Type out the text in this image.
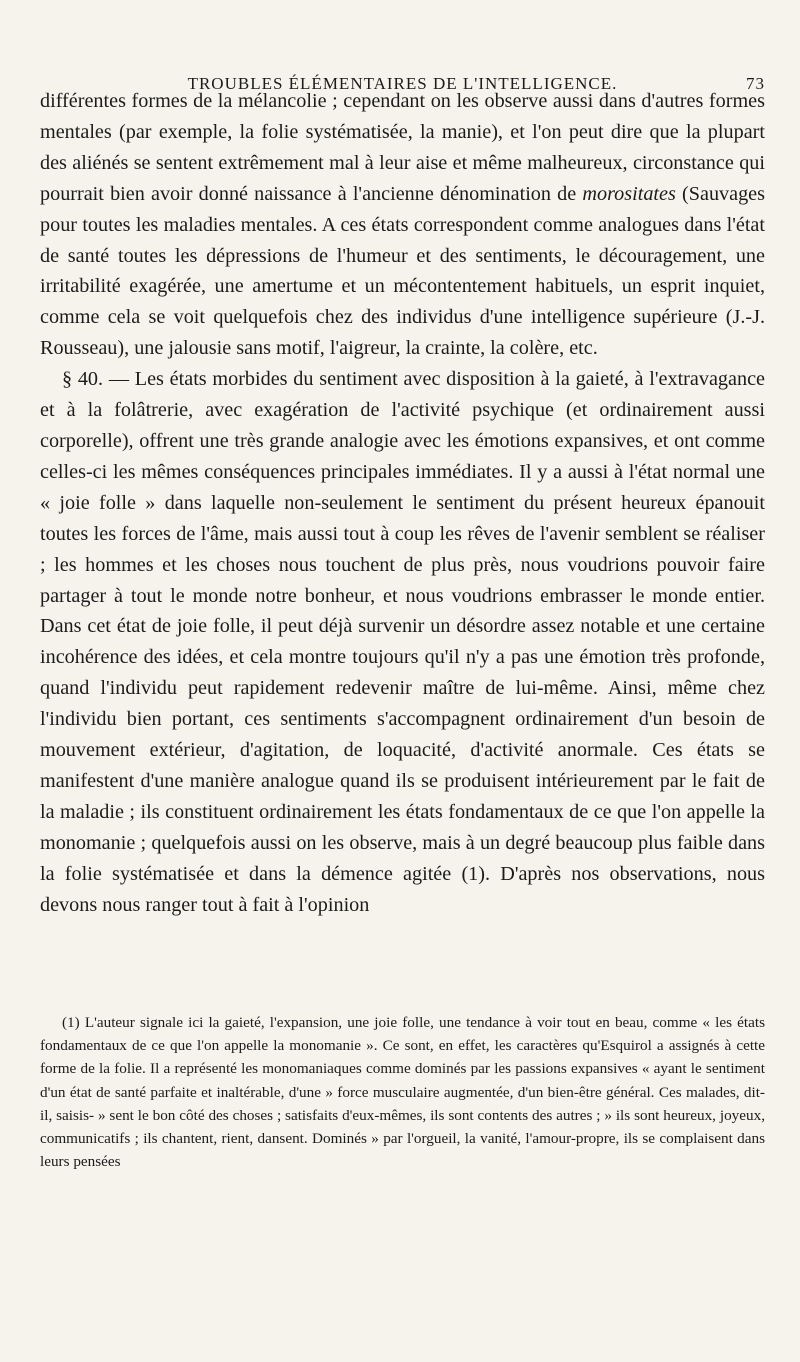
TROUBLES ÉLÉMENTAIRES DE L'INTELLIGENCE.	73

différentes formes de la mélancolie ; cependant on les observe aussi dans d'autres formes mentales (par exemple, la folie systématisée, la manie), et l'on peut dire que la plupart des aliénés se sentent extrêmement mal à leur aise et même malheureux, circonstance qui pourrait bien avoir donné naissance à l'ancienne dénomination de morositates (Sauvages pour toutes les maladies mentales. A ces états correspondent comme analogues dans l'état de santé toutes les dépressions de l'humeur et des sentiments, le découragement, une irritabilité exagérée, une amertume et un mécontentement habituels, un esprit inquiet, comme cela se voit quelquefois chez des individus d'une intelligence supérieure (J.-J. Rousseau), une jalousie sans motif, l'aigreur, la crainte, la colère, etc.

§ 40. — Les états morbides du sentiment avec disposition à la gaieté, à l'extravagance et à la folâtrerie, avec exagération de l'activité psychique (et ordinairement aussi corporelle), offrent une très grande analogie avec les émotions expansives, et ont comme celles-ci les mêmes conséquences principales immédiates. Il y a aussi à l'état normal une « joie folle » dans laquelle non-seulement le sentiment du présent heureux épanouit toutes les forces de l'âme, mais aussi tout à coup les rêves de l'avenir semblent se réaliser ; les hommes et les choses nous touchent de plus près, nous voudrions pouvoir faire partager à tout le monde notre bonheur, et nous voudrions embrasser le monde entier. Dans cet état de joie folle, il peut déjà survenir un désordre assez notable et une certaine incohérence des idées, et cela montre toujours qu'il n'y a pas une émotion très profonde, quand l'individu peut rapidement redevenir maître de lui-même. Ainsi, même chez l'individu bien portant, ces sentiments s'accompagnent ordinairement d'un besoin de mouvement extérieur, d'agitation, de loquacité, d'activité anormale. Ces états se manifestent d'une manière analogue quand ils se produisent intérieurement par le fait de la maladie ; ils constituent ordinairement les états fondamentaux de ce que l'on appelle la monomanie ; quelquefois aussi on les observe, mais à un degré beaucoup plus faible dans la folie systématisée et dans la démence agitée (1). D'après nos observations, nous devons nous ranger tout à fait à l'opinion

(1) L'auteur signale ici la gaieté, l'expansion, une joie folle, une tendance à voir tout en beau, comme « les états fondamentaux de ce que l'on appelle la monomanie ». Ce sont, en effet, les caractères qu'Esquirol a assignés à cette forme de la folie. Il a représenté les monomaniaques comme dominés par les passions expansives « ayant le sentiment d'un état de santé parfaite et inaltérable, d'une » force musculaire augmentée, d'un bien-être général. Ces malades, dit-il, saisis- » sent le bon côté des choses ; satisfaits d'eux-mêmes, ils sont contents des autres ; » ils sont heureux, joyeux, communicatifs ; ils chantent, rient, dansent. Dominés » par l'orgueil, la vanité, l'amour-propre, ils se complaisent dans leurs pensées
